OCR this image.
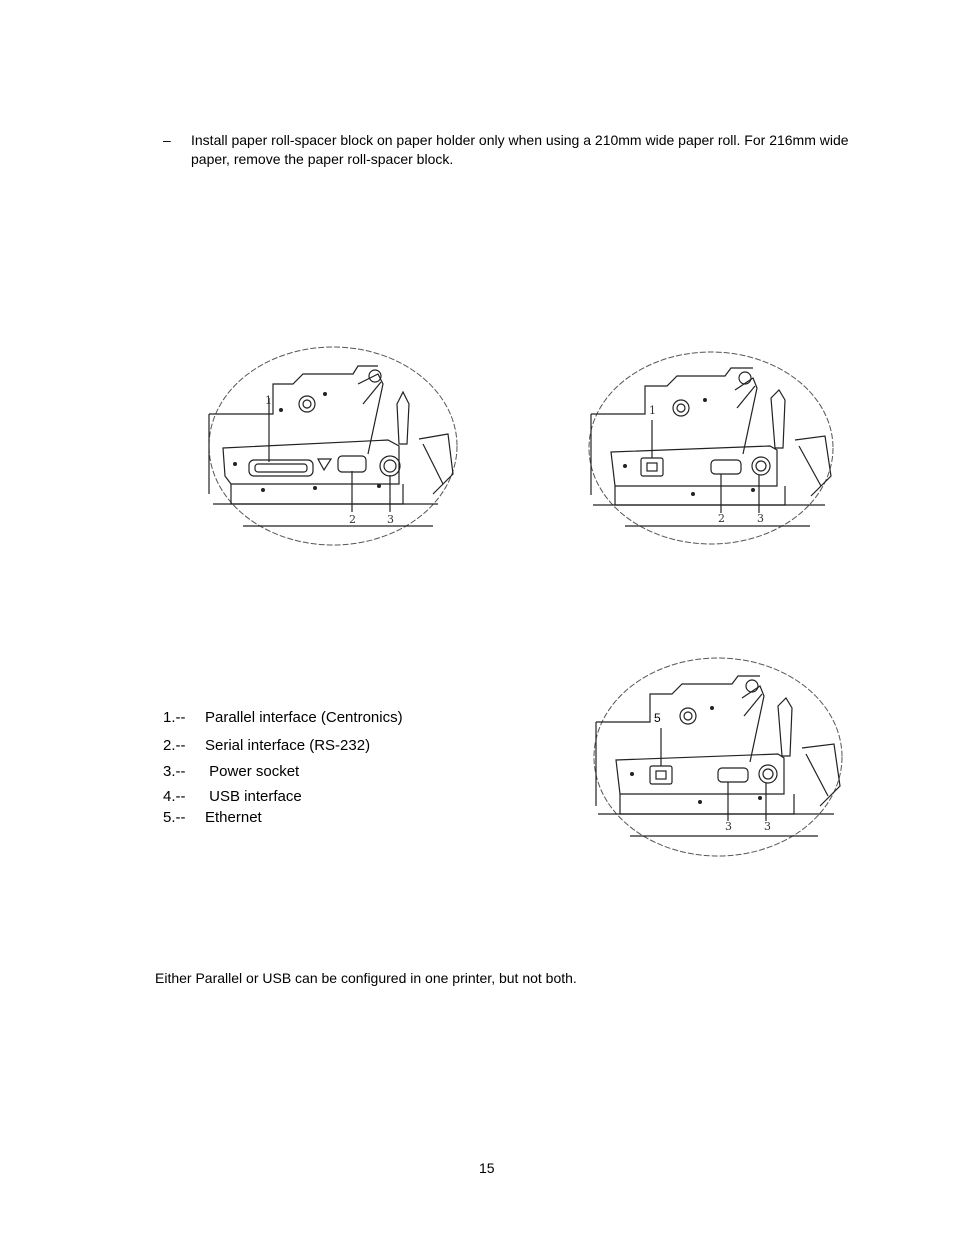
– Install paper roll-spacer block on paper holder only when using a 210mm wide paper roll. For 216mm wide paper, remove the paper roll-spacer block.
1
2	3
1
2	3
5
3	3
1.-- Parallel interface (Centronics)
2.-- Serial interface (RS-232)
3.-- Power socket
4.-- USB interface
5.-- Ethernet
Either Parallel or USB can be configured in one printer, but not both.
15
